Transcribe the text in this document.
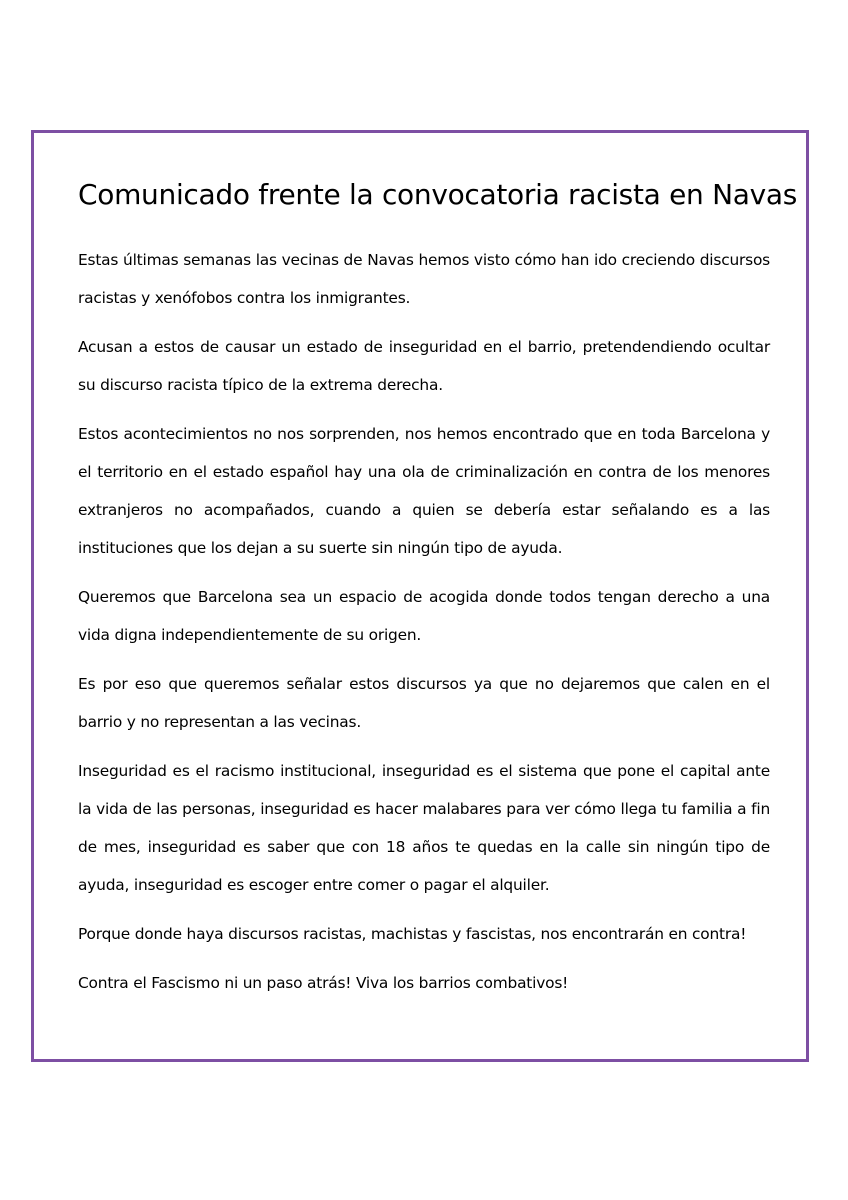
Comunicado frente la convocatoria racista en Navas

Estas últimas semanas las vecinas de Navas hemos visto cómo han ido creciendo discursos racistas y xenófobos contra los inmigrantes.

Acusan a estos de causar un estado de inseguridad en el barrio, pretendendiendo ocultar su discurso racista típico de la extrema derecha.

Estos acontecimientos no nos sorprenden, nos hemos encontrado que en toda Barcelona y el territorio en el estado español hay una ola de criminalización en contra de los menores extranjeros no acompañados, cuando a quien se debería estar señalando es a las instituciones que los dejan a su suerte sin ningún tipo de ayuda.

Queremos que Barcelona sea un espacio de acogida donde todos tengan derecho a una vida digna independientemente de su origen.

Es por eso que queremos señalar estos discursos ya que no dejaremos que calen en el barrio y no representan a las vecinas.

Inseguridad es el racismo institucional, inseguridad es el sistema que pone el capital ante la vida de las personas, inseguridad es hacer malabares para ver cómo llega tu familia a fin de mes, inseguridad es saber que con 18 años te quedas en la calle sin ningún tipo de ayuda, inseguridad es escoger entre comer o pagar el alquiler.

Porque donde haya discursos racistas, machistas y fascistas, nos encontrarán en contra!

Contra el Fascismo ni un paso atrás! Viva los barrios combativos!
